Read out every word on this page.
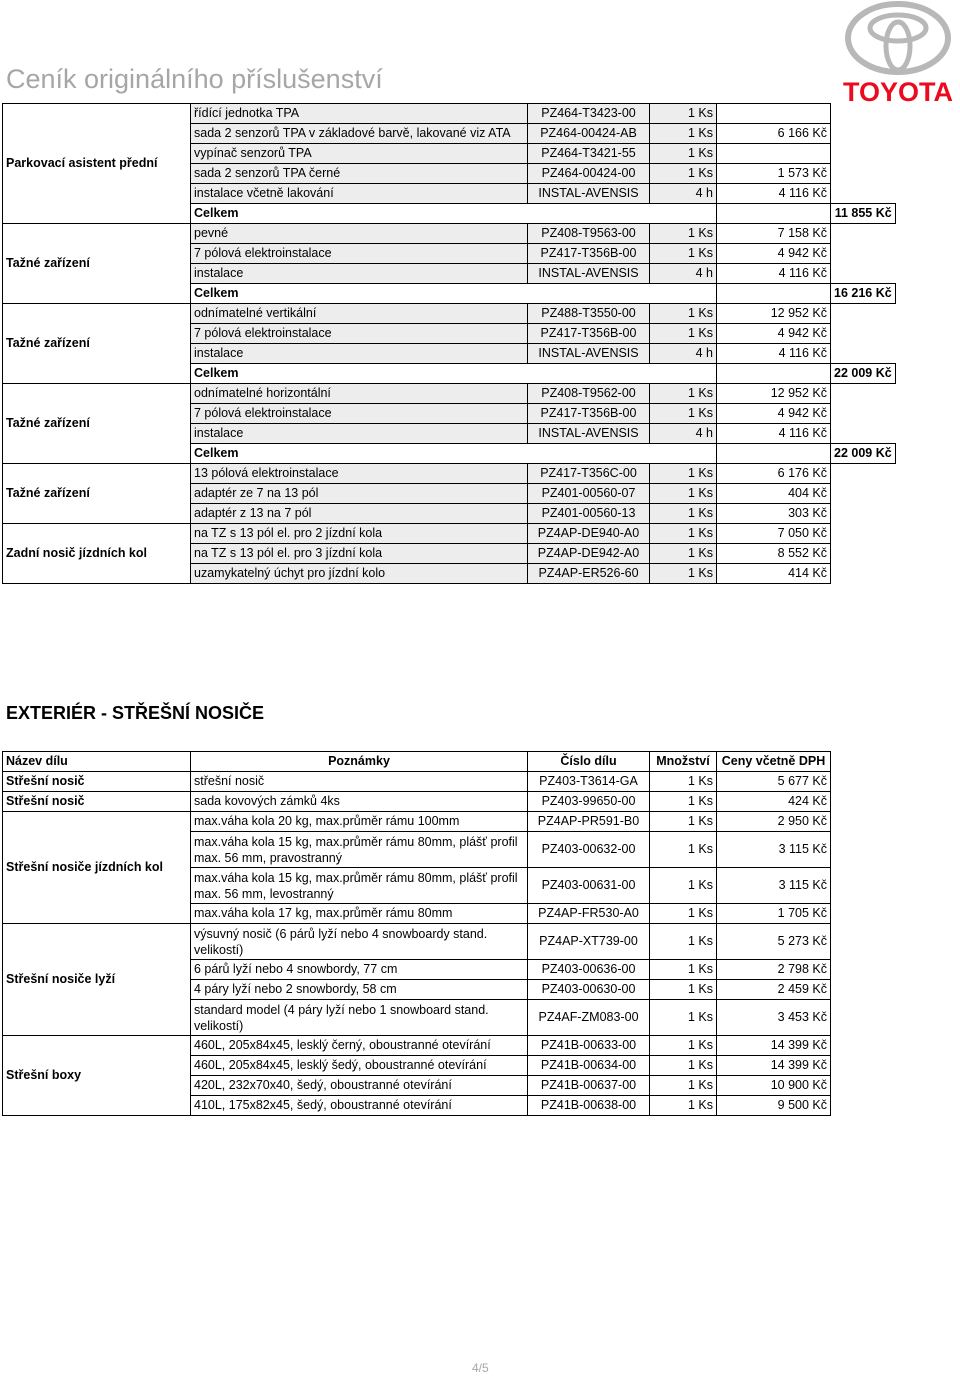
Ceník originálního příslušenství	TOYOTA
Parkovací asistent přední	řídící jednotka TPA	PZ464-T3423-00	1 Ks		
	sada 2 senzorů TPA v základové barvě, lakované viz ATA	PZ464-00424-AB	1 Ks	6 166 Kč	
	vypínač senzorů TPA	PZ464-T3421-55	1 Ks		
	sada 2 senzorů TPA černé	PZ464-00424-00	1 Ks	1 573 Kč	
	instalace včetně lakování	INSTAL-AVENSIS	4 h	4 116 Kč	
	Celkem				11 855 Kč
Tažné zařízení	pevné	PZ408-T9563-00	1 Ks	7 158 Kč	
	7 pólová elektroinstalace	PZ417-T356B-00	1 Ks	4 942 Kč	
	instalace	INSTAL-AVENSIS	4 h	4 116 Kč	
	Celkem				16 216 Kč
Tažné zařízení	odnímatelné vertikální	PZ488-T3550-00	1 Ks	12 952 Kč	
	7 pólová elektroinstalace	PZ417-T356B-00	1 Ks	4 942 Kč	
	instalace	INSTAL-AVENSIS	4 h	4 116 Kč	
	Celkem				22 009 Kč
Tažné zařízení	odnímatelné horizontální	PZ408-T9562-00	1 Ks	12 952 Kč	
	7 pólová elektroinstalace	PZ417-T356B-00	1 Ks	4 942 Kč	
	instalace	INSTAL-AVENSIS	4 h	4 116 Kč	
	Celkem				22 009 Kč
Tažné zařízení	13 pólová elektroinstalace	PZ417-T356C-00	1 Ks	6 176 Kč	
	adaptér ze 7 na 13 pól	PZ401-00560-07	1 Ks	404 Kč	
	adaptér z 13 na 7 pól	PZ401-00560-13	1 Ks	303 Kč	
Zadní nosič jízdních kol	na TZ s 13 pól el. pro 2 jízdní kola	PZ4AP-DE940-A0	1 Ks	7 050 Kč	
	na TZ s 13 pól el. pro 3 jízdní kola	PZ4AP-DE942-A0	1 Ks	8 552 Kč	
	uzamykatelný úchyt pro jízdní kolo	PZ4AP-ER526-60	1 Ks	414 Kč	
EXTERIÉR - STŘEŠNÍ NOSIČE
Název dílu	Poznámky	Číslo dílu	Množství	Ceny včetně DPH
Střešní nosič	střešní nosič	PZ403-T3614-GA	1 Ks	5 677 Kč
Střešní nosič	sada kovových zámků 4ks	PZ403-99650-00	1 Ks	424 Kč
Střešní nosiče jízdních kol	max.váha kola 20 kg, max.průměr rámu 100mm	PZ4AP-PR591-B0	1 Ks	2 950 Kč
	max.váha kola 15 kg, max.průměr rámu 80mm, plášť profil max. 56 mm, pravostranný	PZ403-00632-00	1 Ks	3 115 Kč
	max.váha kola 15 kg, max.průměr rámu 80mm, plášť profil max. 56 mm, levostranný	PZ403-00631-00	1 Ks	3 115 Kč
	max.váha kola 17 kg, max.průměr rámu 80mm	PZ4AP-FR530-A0	1 Ks	1 705 Kč
Střešní nosiče lyží	výsuvný nosič (6 párů lyží nebo 4 snowboardy stand. velikostí)	PZ4AP-XT739-00	1 Ks	5 273 Kč
	6 párů lyží nebo 4 snowbordy, 77 cm	PZ403-00636-00	1 Ks	2 798 Kč
	4 páry lyží nebo 2 snowbordy, 58 cm	PZ403-00630-00	1 Ks	2 459 Kč
	standard model (4 páry lyží nebo 1 snowboard stand. velikostí)	PZ4AF-ZM083-00	1 Ks	3 453 Kč
Střešní boxy	460L, 205x84x45, lesklý černý, oboustranné otevírání	PZ41B-00633-00	1 Ks	14 399 Kč
	460L, 205x84x45, lesklý šedý, oboustranné otevírání	PZ41B-00634-00	1 Ks	14 399 Kč
	420L, 232x70x40, šedý, oboustranné otevírání	PZ41B-00637-00	1 Ks	10 900 Kč
	410L, 175x82x45, šedý, oboustranné otevírání	PZ41B-00638-00	1 Ks	9 500 Kč
4/5
